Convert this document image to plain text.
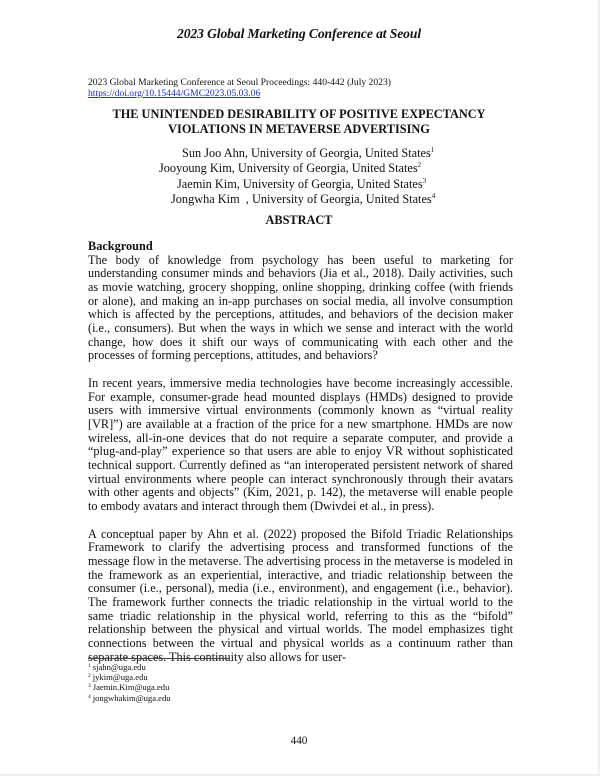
2023 Global Marketing Conference at Seoul
2023 Global Marketing Conference at Seoul Proceedings: 440-442 (July 2023)
https://doi.org/10.15444/GMC2023.05.03.06
THE UNINTENDED DESIRABILITY OF POSITIVE EXPECTANCY
VIOLATIONS IN METAVERSE ADVERTISING
Sun Joo Ahn, University of Georgia, United States$^1$
Jooyoung Kim, University of Georgia, United States$^2$
Jaemin Kim, University of Georgia, United States$^3$
Jongwha Kim  , University of Georgia, United States$^4$
ABSTRACT
Background

The body of knowledge from psychology has been useful to marketing for understanding consumer minds and behaviors (Jia et al., 2018). Daily activities, such as movie watching, grocery shopping, online shopping, drinking coffee (with friends or alone), and making an in-app purchases on social media, all involve consumption which is affected by the perceptions, attitudes, and behaviors of the decision maker (i.e., consumers). But when the ways in which we sense and interact with the world change, how does it shift our ways of communicating with each other and the processes of forming perceptions, attitudes, and behaviors?

In recent years, immersive media technologies have become increasingly accessible. For example, consumer-grade head mounted displays (HMDs) designed to provide users with immersive virtual environments (commonly known as “virtual reality [VR]”) are available at a fraction of the price for a new smartphone. HMDs are now wireless, all-in-one devices that do not require a separate computer, and provide a “plug-and-play” experience so that users are able to enjoy VR without sophisticated technical support. Currently defined as “an interoperated persistent network of shared virtual environments where people can interact synchronously through their avatars with other agents and objects” (Kim, 2021, p. 142), the metaverse will enable people to embody avatars and interact through them (Dwivdei et al., in press).

A conceptual paper by Ahn et al. (2022) proposed the Bifold Triadic Relationships Framework to clarify the advertising process and transformed functions of the message flow in the metaverse. The advertising process in the metaverse is modeled in the framework as an experiential, interactive, and triadic relationship between the consumer (i.e., personal), media (i.e., environment), and engagement (i.e., behavior). The framework further connects the triadic relationship in the virtual world to the same triadic relationship in the physical world, referring to this as the “bifold” relationship between the physical and virtual worlds. The model emphasizes tight connections between the virtual and physical worlds as a continuum rather than separate spaces. This continuity also allows for user-

$^1$ sjahn@uga.edu
$^2$ jykim@uga.edu
$^3$ Jaemin.Kim@uga.edu
$^4$ jongwhakim@uga.edu
440
